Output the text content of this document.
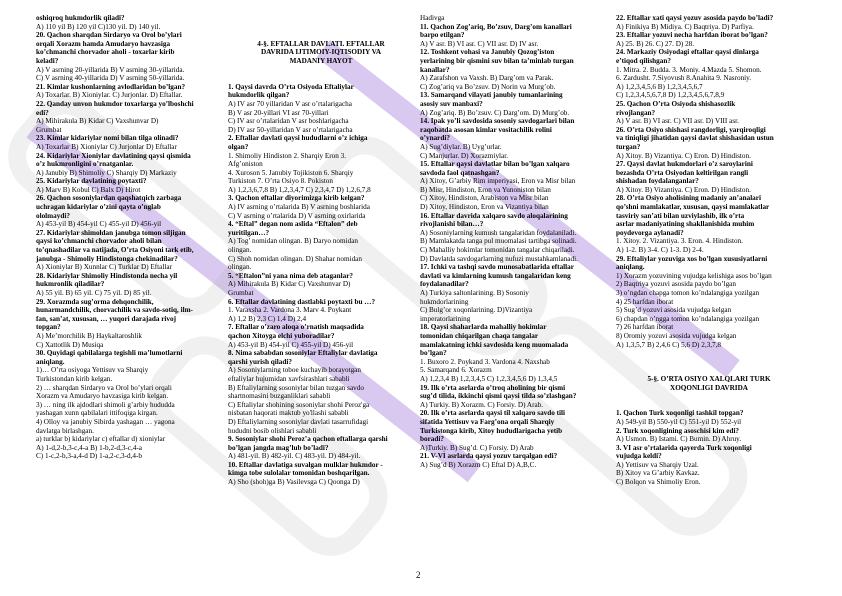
oshiqroq hukmdorlik qiladi?
A) 110 yil B) 120 yil C)130 yil. D) 140 yil.
20. Qachon sharqdan Sirdaryo va Orol bo’ylari
orqali Xorazm hamda Amudaryo havzasiga
ko’chmanchi chorvador aholi - toxarlar kirib
keladi?
A) V asrning 20-yillarida B) V asrning 30-yillarida.
C) V asrning 40-yillarida D) V asrning 50-yillarida.
21. Kimlar kushonlarning avlodlaridan bo’lgan?
A) Toxarlar. B) Xioniylar. C) Jurjonlar. D) Eftallar.
22. Qanday unvon hukmdor toxarlarga yo’lboshchi
edi?
A) Mihirakula B) Kidar C) Vaxshunvar D)
Grumbat
23. Kimlar kidariylar nomi bilan tilga olinadi?
A) Toxarlar B) Xioniylar C) Jurjonlar D) Eftallar
24. Kidariylar Xioniylar davlatining qaysi qismida
o’z hukmronligini o’rnatganlar.
A) Janubiy B) Shimoliy C) Sharqiy D) Markaziy
25. Kidariylar davlatining poytaxti?
A) Marv B) Kobul C) Balx D) Hirot
26. Qachon sosoniylardan qaqshatqich zarbaga
uchragan kidariylar o’zini qayta o’nglab
ololmaydi?
A) 453-yil B) 454-yil C) 455-yil D) 456-yil
27. Kidariylar shimoldan janubga tomon siljigan
qaysi ko’chmanchi chorvador aholi bilan
to’qnashadilar va natijada, O’rta Osiyoni tark etib,
janubga - Shimoliy Hindistonga chekinadilar?
A) Xioniylar B) Xunnlar C) Turklar D) Eftallar
28. Kidariylar Shimoliy Hindistonda necha yil
hukmronlik qiladilar?
A) 55 yil. B) 65 yil. C) 75 yil. D) 85 yil.
29. Xorazmda sug’orma dehqonchilik,
hunarmandchilik, chorvachilik va savdo-sotiq, ilm-
fan, san’at, xususan, … yuqori darajada rivoj
topgan?
A) Me’morchilik B) Haykaltaroshlik
C) Xattotlik D) Musiqa
30. Quyidagi qabilalarga tegishli ma’lumotlarni
aniqlang.
1)… O’rta osiyoga Yettisuv va Sharqiy
Turkistondan kirib kelgan.
2) … sharqdan Sirdaryo va Orol bo’ylari orqali
Xorazm va Amudaryo havzasiga kirib kelgan.
3) … ning ilk ajdodlari shimoli g’arbiy hududda
yashagan xunn qabilalari ittifoqiga kirgan.
4) Olloy va janubiy Sibirda yashagan … yagona
davlatga birlashgan.
a) turklar b) kidariylar c) eftallar d) xioniylar
A) 1-d,2-b,3-c,4-a B) 1-b,2-d,3-c,4-a
C) 1-c,2-b,3-a,4-d D) 1-a,2-c,3-d,4-b
4-§. EFTALLAR DAVLATI. EFTALLAR
DAVRIDA IJTIMOIY-IQTISODIY VA
MADANIY HAYOT
1. Qaysi davrda O’rta Osiyoda Eftaliylar
hukmdorlik qilgan?
A) IV asr 70 yillaridan V asr o’rtalarigacha
B) V asr 20-yillari VI asr 70-yillari
C) IV asr o’rtalaridan V asr boshlarigacha
D) IV asr 50-yillaridan V asr o’rtalarigacha
2. Eftallar davlati qaysi hududlarni o’z ichiga
olgan?
1. Shimoliy Hindiston 2. Sharqiy Eron 3.
Afg’oniston
4. Xuroson 5. Janubiy Tojikiston 6. Sharqiy
Turkiston 7. O’rta Osiyo 8. Pokiston
A) 1,2,3,6,7,8 B) 1,2,3,4,7 C) 2,3,4,7 D) 1,2,6,7,8
3. Qachon eftallar diyorimizga kirib kelgan?
A) IV asrning o’rtalarida B) V asrning boshlarida
C) V asrning o’rtalarida D) V asrning oxirlarida
4. “Eftal” degan nom aslida “Eftalon” deb
yuritilgan…?
A) Tog’ nomidan olingan. B) Daryo nomidan
olingan.
C) Shoh nomidan olingan. D) Shahar nomidan
olingan.
5. “Eftalon”ni yana nima deb ataganlar?
A) Mihirakula B) Kidar C) Vaxshunvar D)
Grumbat
6. Eftallar davlatining dastlabki poytaxti bu …?
1. Varaxsha 2. Vardona 3. Marv 4. Poykant
A) 1,2 B) 2,3 C) 1,4 D) 2,4
7. Eftallar o’zaro aloqa o’rnatish maqsadida
qachon Xitoyga elchi yuboradilar?
A) 453-yil B) 454-yil C) 455-yil D) 456-yil
8. Nima sababdan sosoniylar Eftaliylar davlatiga
qarshi yurish qiladi?
A) Sosoniylarning toboe kuchayib borayotgan
eftaliylar hujumidan xavfsirashlari sababli
B) Eftaliylarning sosoniylar bilan tuzgan savdo
shartnomasini buzganliklari sababli
C) Eftaliylar shohining sosoniylar shohi Peroz'ga
nisbatan haqorati maktub yo'llashi sababli
D) Eftaliylarning sosoniylar davlati tasarrufidagi
hududni bosib olishlari sababli
9. Sosoniylar shohi Peroz’a qachon eftallarga qarshi
bo’lgan jangda mag’lub bo’ladi?
A) 481-yil. B) 482-yil. C) 483-yil. D) 484-yil.
10. Eftallar davlatiga suvalgan mulklar hukmdor -
kimga tobe sulolalar tomonidan boshqarilgan.
A) Sho (shoh)ga B) Vasilevsga C) Qoonga D)
Hadivga
11. Qachon Zog’ariq, Bo’zsuv, Darg’om kanallari
barpo etilgan?
A) V asr. B) VI asr. C) VII asr. D) IV asr.
12. Toshkent vohasi va Janubiy Qozog’iston
yerlarining bir qismini suv bilan ta’minlab turgan
kanallar?
A) Zarafshon va Vaxsh. B) Darg’om va Parak.
C) Zog’ariq va Bo’zsuv. D) Norin va Murg’ob.
13. Samarqand vilayati janubiy tumanlarining
asosiy suv manbaxi?
A) Zog’ariq. B) Bo’zsuv. C) Darg’om. D) Murg’ob.
14. Ipak yo’li savdosida sosoniy savdogarlari bilan
raqobatda asosan kimlar vositachilik rolini
o’ynardi?
A) Sug’diylar. B) Uyg’urlar.
C) Manjurlar. D) Xorazmiylar.
15. Eftallar qaysi davlatlar bilan bo’lgan xalqaro
savdoda faol qatnashgan?
A) Xitoy, G’arbiy Rim imperiyasi, Eron va Misr bilan
B) Misr, Hindiston, Eron va Yunoniston bilan
C) Xitoy, Hindiston, Arabiston va Misr bilan
D) Xitoy, Hindiston, Eron va Vizantiya bilan
16. Eftallar davrida xalqaro savdo aloqalarining
rivojlanishi bilan…?
A) Sosoniylarning kumush tangalaridan foydalaniladi.
B) Mamlakatda tanga pul muomalasi tartibga solinadi.
C) Mahalliy hokimlar tomonidan tangalar chiqariladi.
D) Davlatda savdogarlarning nufuzi mustahkamlanadi.
17. Ichki va tashqi savdo munosabatlarida eftallar
davlati va kimlarning kumush tangalaridan keng
foydalanadilar?
A) Turkiya saltonlarining. B) Sosoniy
hukmdorlarining
C) Bulg’or xoqonlarining. D)Vizantiya
imperatorlarining
18. Qaysi shaharlarda mahalliy hokimlar
tomonidan chiqarilgan chaqa tangalar
mamlakatning ichki savdosida keng muomalada
bo’lgan?
1. Buxoro 2. Poykand 3. Vardona 4. Naxshab
5. Samarqand 6. Xorazm
A) 1,2,3,4 B) 1,2,3,4,5 C) 1,2,3,4,5,6 D) 1,3,4,5
19. Ilk o’rta asrlarda o’troq aholining bir qismi
sug’d tilida, ikkinchi qismi qaysi tilda so’zlashgan?
A) Turkiy. B) Xorazm. C) Forsiy. D) Arab.
20. Ilk o’rta asrlarda qaysi til xalqaro savdo tili
sifatida Yettisuv va Farg’ona orqali Sharqiy
Turkistonga kirib, Xitoy hududlarigacha yetib
boradi?
A)Turkiy. B) Sug’d. C) Forsiy. D) Arab
21. V-VI asrlarda qaysi yozuv tarqalgan edi?
A) Sug’d B) Xorazm C) Eftal D) A,B,C.
22. Eftallar xati qaysi yozuv asosida paydo bo’ladi?
A) Finikiya B) Midiya. C) Baqtriya. D) Parfiya.
23. Eftallar yozuvi necha harfdan iborat bo’lgan?
A) 25. B) 26. C) 27. D) 28.
24. Markaziy Osiyodagi eftallar qaysi dinlarga
e’tiqod qilishgan?
1. Mitra. 2. Budda. 3. Moniy. 4.Mazda 5. Shomon.
6. Zardusht. 7.Siyovush 8.Anahita 9. Nasroniy.
A) 1,2,3,4,5,6 B) 1,2,3,4,5,6,7
C) 1,2,3,4,5,6,7,8 D) 1,2,3,4,5,6,7,8,9
25. Qachon O’rta Osiyoda shishasozlik
rivojlangan?
A) V asr. B) VI asr. C) VII asr. D) VIII asr.
26. O’rta Osiyo shishasi rangdorligi, yarqiroqligi
va tiniqligi jihatidan qaysi davlat shishasidan ustun
turgan?
A) Xitoy. B) Vizantiya. C) Eron. D) Hindiston.
27. Qaysi davlat hukmdorlari o’z saroylarini
bezashda O’rta Osiyodan keltirilgan rangli
shishadan foydalanganlar?
A) Xitoy. B) Vizantiya. C) Eron. D) Hindiston.
28. O’rta Osiyo aholisining madaniy an’analari
qo’shni mamlakatlar, xususan, qaysi mamlakatlar
tasviriy san’ati bilan uzviylashib, ilk o’rta
asrlar madaniyatining shakllanishida muhim
poydevorga aylanadi?
1. Xitoy. 2. Vizantiya. 3. Eron. 4. Hindiston.
A) 1-2. B) 3-4. C) 1-3. D) 2-4.
29. Eftaliylar yozuviga xos bo’lgan xususiyatlarni
aniqlang.
1) Xorazm yozuvining vujudga kelishiga asos bo’lgan
2) Baqtriya yozuvi asosida paydo bo’lgan
3) o’ngdan chapga tomon ko’ndalangiga yozilgan
4) 25 harfdan iborat
5) Sug’d yozuvi asosida vujudga kelgan
6) chapdan o’ngga tomon ko’ndalangiga yozilgan
7) 26 harfdan iborat
8) Oromiy yozuvi asosida vujudga kelgan
A) 1,3,5,7 B) 2,4,6 C) 5,6 D) 2,3,7,8
5-§. O’RTA OSIYO XALQLARI TURK
XOQONLIGI DAVRIDA
1. Qachon Turk xoqonligi tashkil topgan?
A) 549-yil B) 550-yil C) 551-yil D) 552-yil
2. Turk xoqonligining asoschisi kim edi?
A) Usmon. B) Istami. C) Bumin. D) Ahruy.
3. VI asr o’rtalarida qayerda Turk xoqonligi
vujudga keldi?
A) Yettisuv va Sharqiy Uzal.
B) Xitoy va G’arbiy Kavkaz.
C) Bolqon va Shimoliy Eron.
2
